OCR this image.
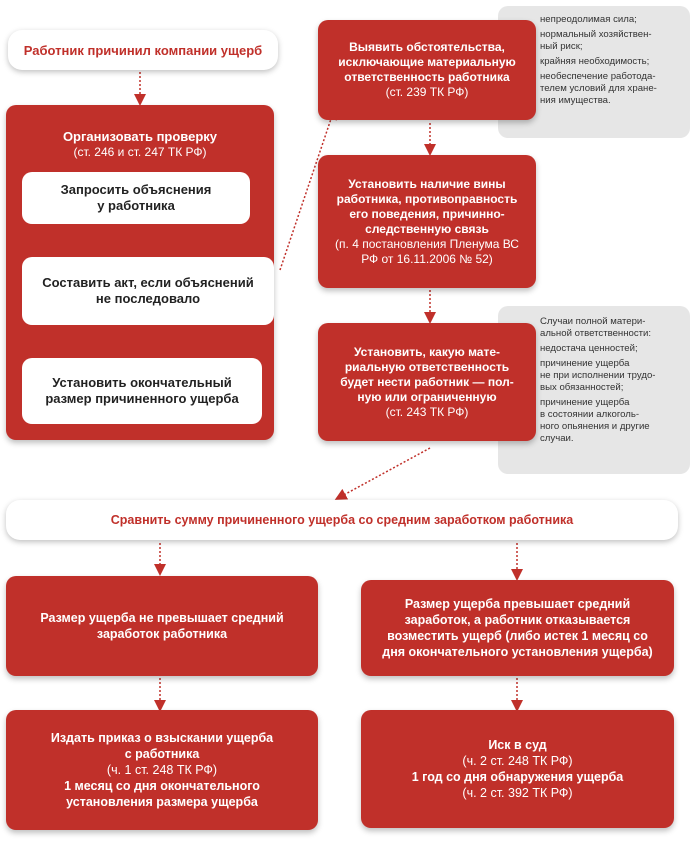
Работник причинил компании ущерб
Организовать проверку
(ст. 246 и ст. 247 ТК РФ)
Запросить объяснения
у работника
Составить акт, если объяснений
не последовало
Установить окончательный
размер причиненного ущерба

непреодолимая сила;

нормальный хозяйствен-
ный риск;

крайняя необходимость;

необеспечение работода-
телем условий для хране-
ния имущества.

Случаи полной матери-
альной ответственности:

недостача ценностей;

причинение ущерба
не при исполнении трудо-
вых обязанностей;

причинение ущерба
в состоянии алкоголь-
ного опьянения и другие
случаи.

Выявить обстоятельства,
исключающие материальную
ответственность работника
(ст. 239 ТК РФ)
Установить наличие вины
работника, противоправность
его поведения, причинно-
следственную связь
(п. 4 постановления Пленума ВС
РФ от 16.11.2006 № 52)
Установить, какую мате-
риальную ответственность
будет нести работник — пол-
ную или ограниченную
(ст. 243 ТК РФ)
Сравнить сумму причиненного ущерба со средним заработком работника
Размер ущерба не превышает средний
заработок работника
Размер ущерба превышает средний
заработок, а работник отказывается
возместить ущерб (либо истек 1 месяц со
дня окончательного установления ущерба)
Издать приказ о взыскании ущерба
с работника
(ч. 1 ст. 248 ТК РФ)
1 месяц со дня окончательного
установления размера ущерба
Иск в суд
(ч. 2 ст. 248 ТК РФ)
1 год со дня обнаружения ущерба
(ч. 2 ст. 392 ТК РФ)
